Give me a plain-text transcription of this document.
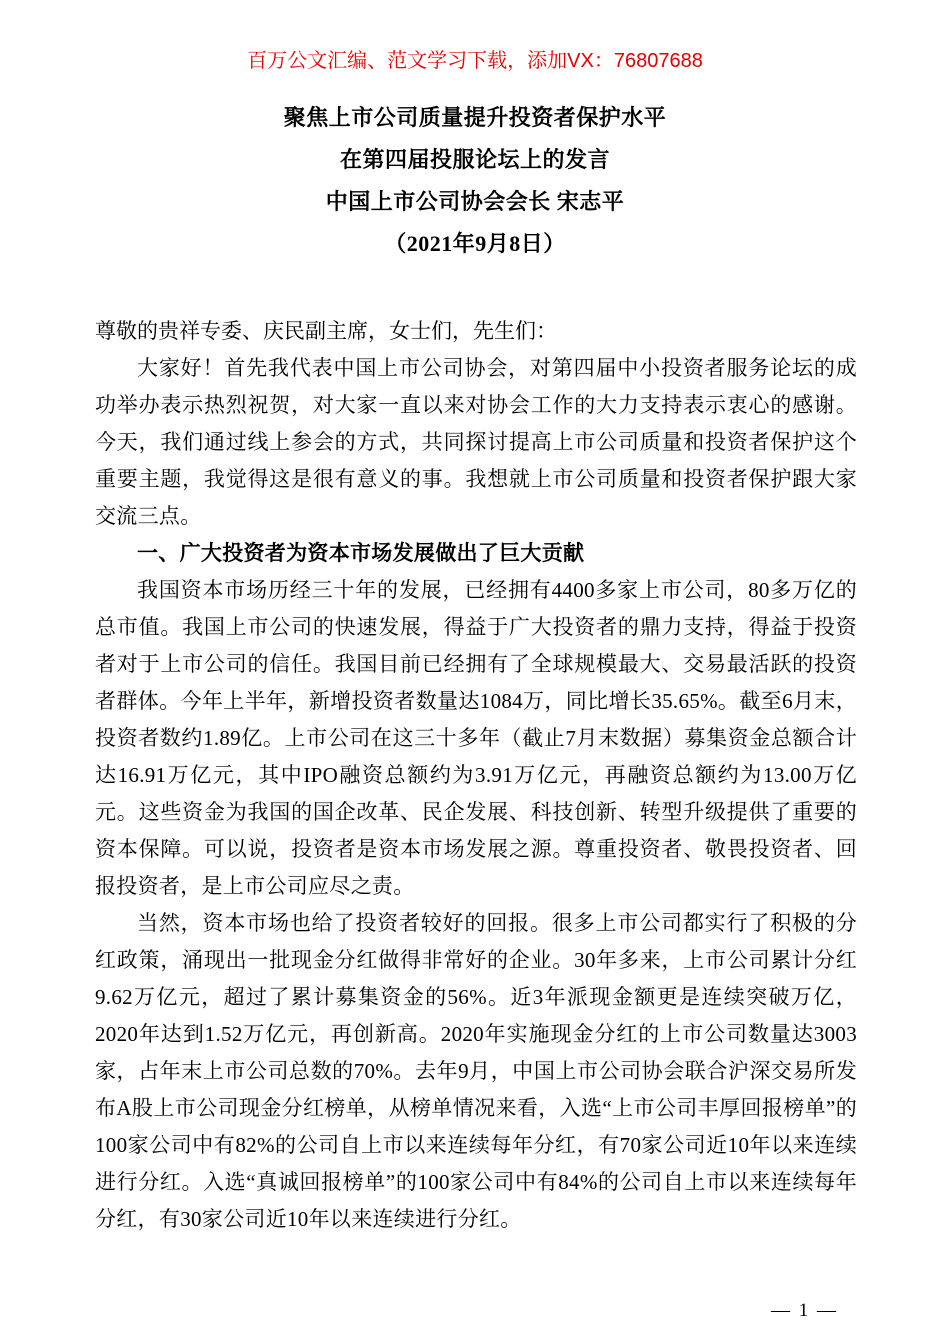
百万公文汇编、范文学习下载，添加VX：76807688
聚焦上市公司质量提升投资者保护水平
在第四届投服论坛上的发言
中国上市公司协会会长 宋志平
（2021年9月8日）
尊敬的贵祥专委、庆民副主席，女士们，先生们：
大家好！首先我代表中国上市公司协会，对第四届中小投资者服务论坛的成功举办表示热烈祝贺，对大家一直以来对协会工作的大力支持表示衷心的感谢。今天，我们通过线上参会的方式，共同探讨提高上市公司质量和投资者保护这个重要主题，我觉得这是很有意义的事。我想就上市公司质量和投资者保护跟大家交流三点。
一、广大投资者为资本市场发展做出了巨大贡献
我国资本市场历经三十年的发展，已经拥有4400多家上市公司，80多万亿的总市值。我国上市公司的快速发展，得益于广大投资者的鼎力支持，得益于投资者对于上市公司的信任。我国目前已经拥有了全球规模最大、交易最活跃的投资者群体。今年上半年，新增投资者数量达1084万，同比增长35.65%。截至6月末，投资者数约1.89亿。上市公司在这三十多年（截止7月末数据）募集资金总额合计达16.91万亿元，其中IPO融资总额约为3.91万亿元，再融资总额约为13.00万亿元。这些资金为我国的国企改革、民企发展、科技创新、转型升级提供了重要的资本保障。可以说，投资者是资本市场发展之源。尊重投资者、敬畏投资者、回报投资者，是上市公司应尽之责。
当然，资本市场也给了投资者较好的回报。很多上市公司都实行了积极的分红政策，涌现出一批现金分红做得非常好的企业。30年多来，上市公司累计分红9.62万亿元，超过了累计募集资金的56%。近3年派现金额更是连续突破万亿，2020年达到1.52万亿元，再创新高。2020年实施现金分红的上市公司数量达3003家，占年末上市公司总数的70%。去年9月，中国上市公司协会联合沪深交易所发布A股上市公司现金分红榜单，从榜单情况来看，入选“上市公司丰厚回报榜单”的100家公司中有82%的公司自上市以来连续每年分红，有70家公司近10年以来连续进行分红。入选“真诚回报榜单”的100家公司中有84%的公司自上市以来连续每年分红，有30家公司近10年以来连续进行分红。
— 1 —
